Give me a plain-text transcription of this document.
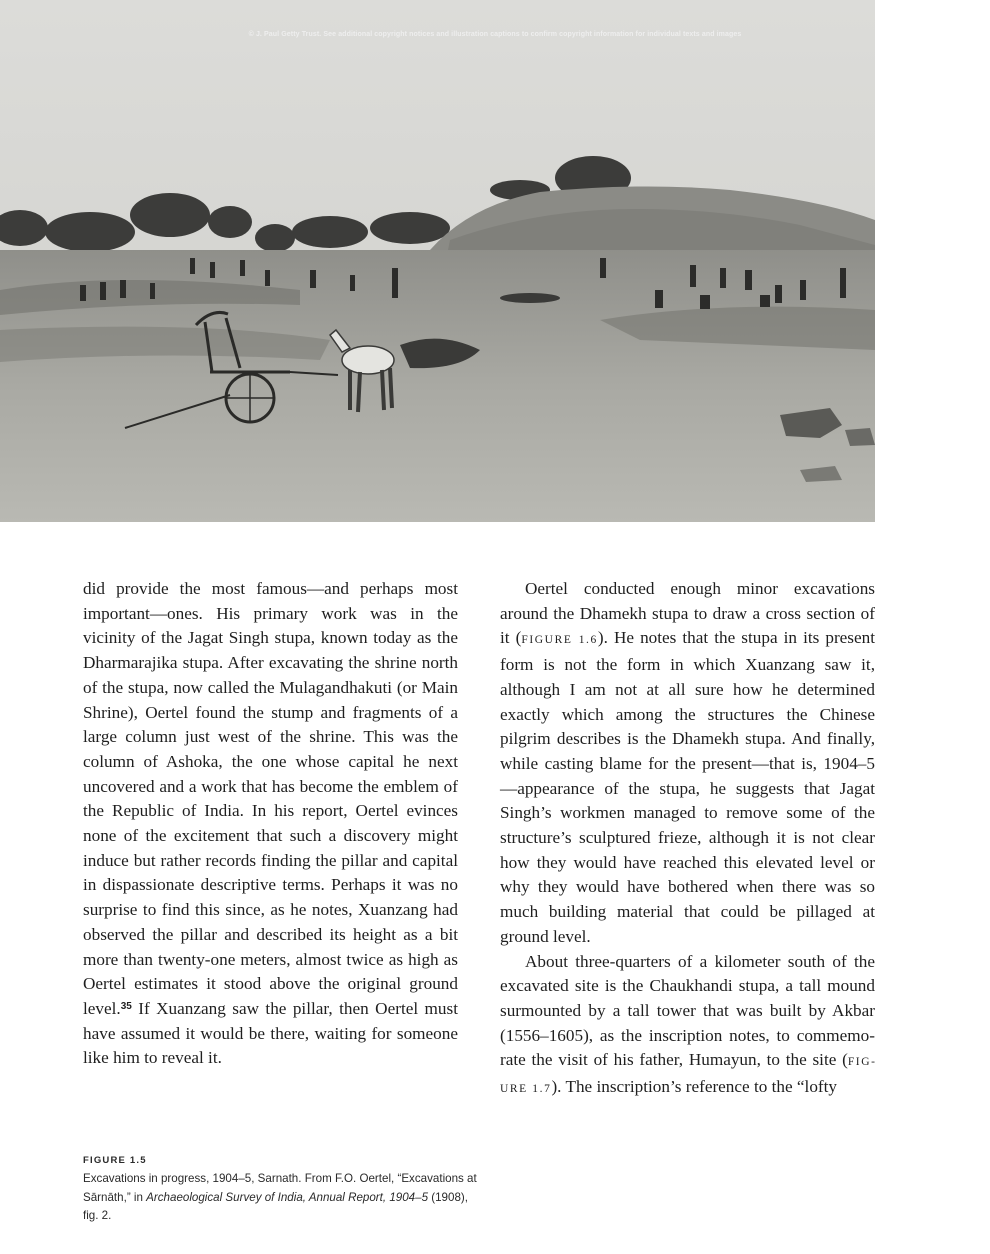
© J. Paul Getty Trust. See additional copyright notices and illustration captions to confirm copyright information for individual texts and images

did provide the most famous—and perhaps most important—ones. His primary work was in the vicinity of the Jagat Singh stupa, known today as the Dharmarajika stupa. After excavating the shrine north of the stupa, now called the Mulagandhakuti (or Main Shrine), Oertel found the stump and fragments of a large column just west of the shrine. This was the column of Ashoka, the one whose capital he next uncovered and a work that has become the emblem of the Republic of India. In his report, Oertel evinces none of the excitement that such a discovery might induce but rather records finding the pillar and capital in dispassionate descriptive terms. Perhaps it was no surprise to find this since, as he notes, Xuanzang had observed the pillar and described its height as a bit more than twenty-one meters, almost twice as high as Oertel estimates it stood above the original ground level.$^{35}$ If Xuanzang saw the pillar, then Oertel must have assumed it would be there, waiting for someone like him to reveal it.

Oertel conducted enough minor excavations around the Dhamekh stupa to draw a cross section of it (FIGURE 1.6). He notes that the stupa in its present form is not the form in which Xuanzang saw it, although I am not at all sure how he determined exactly which among the structures the Chinese pilgrim describes is the Dhamekh stupa. And finally, while casting blame for the present—that is, 1904–5—appearance of the stupa, he suggests that Jagat Singh’s workmen managed to remove some of the structure’s sculptured frieze, although it is not clear how they would have reached this elevated level or why they would have bothered when there was so much building material that could be pillaged at ground level.

About three-quarters of a kilometer south of the excavated site is the Chaukhandi stupa, a tall mound surmounted by a tall tower that was built by Akbar (1556–1605), as the inscription notes, to commemorate the visit of his father, Humayun, to the site (FIGURE 1.7). The inscription’s reference to the “lofty

FIGURE 1.5
Excavations in progress, 1904–5, Sarnath. From F.O. Oertel, “Excavations at Sārnāth,” in Archaeological Survey of India, Annual Report, 1904–5 (1908), fig. 2.
